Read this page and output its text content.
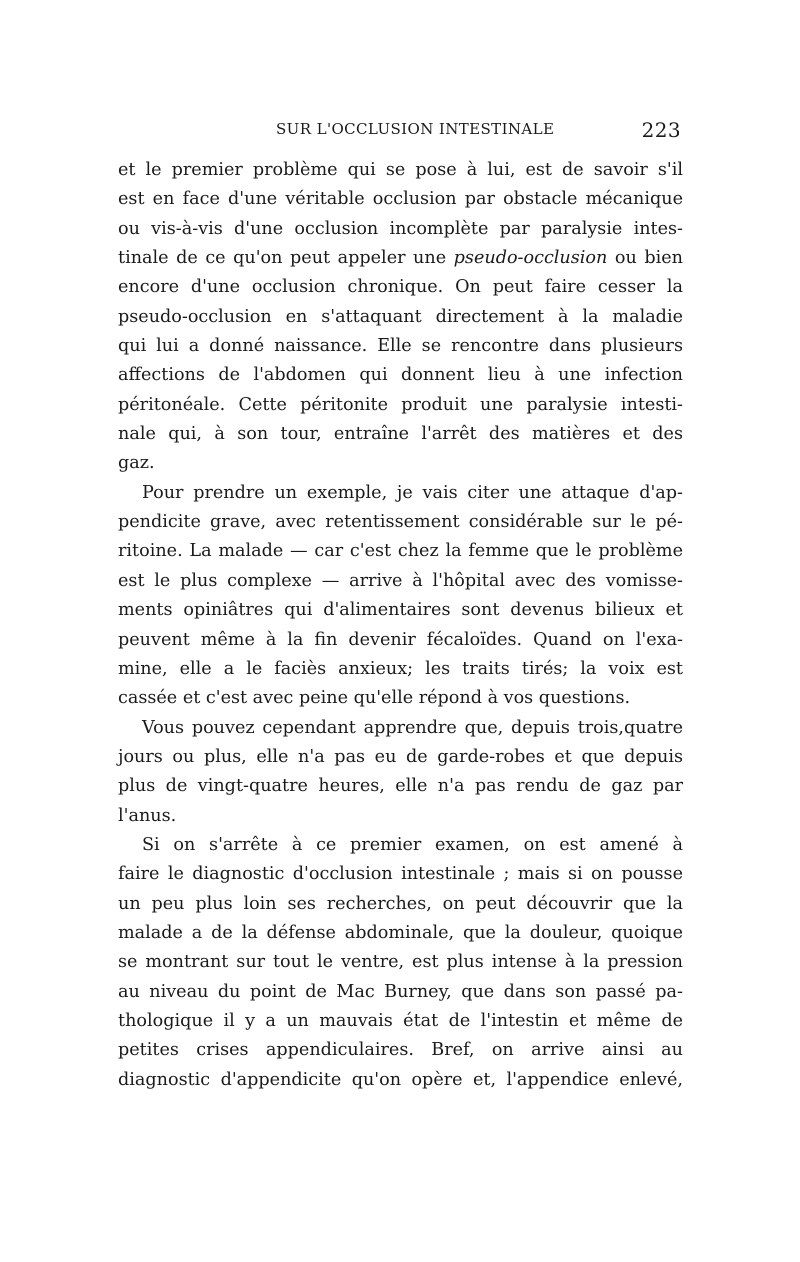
SUR L'OCCLUSION INTESTINALE	223
et le premier problème qui se pose à lui, est de savoir s'il
est en face d'une véritable occlusion par obstacle mécanique
ou vis-à-vis d'une occlusion incomplète par paralysie intes-
tinale de ce qu'on peut appeler une pseudo-occlusion ou bien
encore d'une occlusion chronique. On peut faire cesser la
pseudo-occlusion en s'attaquant directement à la maladie
qui lui a donné naissance. Elle se rencontre dans plusieurs
affections de l'abdomen qui donnent lieu à une infection
péritonéale. Cette péritonite produit une paralysie intesti-
nale qui, à son tour, entraîne l'arrêt des matières et des
gaz.
Pour prendre un exemple, je vais citer une attaque d'ap-
pendicite grave, avec retentissement considérable sur le pé-
ritoine. La malade — car c'est chez la femme que le problème
est le plus complexe — arrive à l'hôpital avec des vomisse-
ments opiniâtres qui d'alimentaires sont devenus bilieux et
peuvent même à la fin devenir fécaloïdes. Quand on l'exa-
mine, elle a le faciès anxieux; les traits tirés; la voix est
cassée et c'est avec peine qu'elle répond à vos questions.
Vous pouvez cependant apprendre que, depuis trois,quatre
jours ou plus, elle n'a pas eu de garde-robes et que depuis
plus de vingt-quatre heures, elle n'a pas rendu de gaz par
l'anus.
Si on s'arrête à ce premier examen, on est amené à
faire le diagnostic d'occlusion intestinale ; mais si on pousse
un peu plus loin ses recherches, on peut découvrir que la
malade a de la défense abdominale, que la douleur, quoique
se montrant sur tout le ventre, est plus intense à la pression
au niveau du point de Mac Burney, que dans son passé pa-
thologique il y a un mauvais état de l'intestin et même de
petites crises appendiculaires. Bref, on arrive ainsi au
diagnostic d'appendicite qu'on opère et, l'appendice enlevé,
